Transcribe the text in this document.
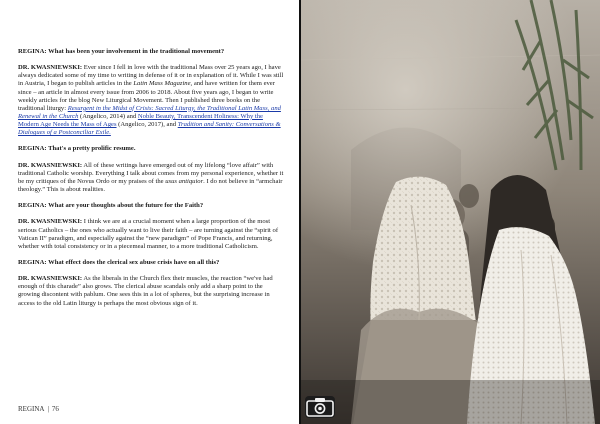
REGINA: What has been your involvement in the traditional movement?

DR. KWASNIEWSKI: Ever since I fell in love with the traditional Mass over 25 years ago, I have always dedicated some of my time to writing in defense of it or in explanation of it. While I was still in Austria, I began to publish articles in the Latin Mass Magazine, and have written for them ever since – an article in almost every issue from 2006 to 2018. About five years ago, I began to write weekly articles for the blog New Liturgical Movement. Then I published three books on the traditional liturgy: Resurgent in the Midst of Crisis: Sacred Liturgy, the Traditional Latin Mass, and Renewal in the Church (Angelico, 2014) and Noble Beauty, Transcendent Holiness: Why the Modern Age Needs the Mass of Ages (Angelico, 2017), and Tradition and Sanity: Conversations & Dialogues of a Postconciliar Exile.

REGINA: That's a pretty prolific resume.

DR. KWASNIEWSKI: All of these writings have emerged out of my lifelong “love affair” with traditional Catholic worship. Everything I talk about comes from my personal experience, whether it be my critiques of the Novus Ordo or my praises of the usus antiquior. I do not believe in “armchair theology.” This is about realities.

REGINA: What are your thoughts about the future for the Faith?

DR. KWASNIEWSKI: I think we are at a crucial moment when a large proportion of the most serious Catholics – the ones who actually want to live their faith – are turning against the “spirit of Vatican II” paradigm, and especially against the “new paradigm” of Pope Francis, and returning, whether with total consistency or in a piecemeal manner, to a more traditional Catholicism.

REGINA: What effect does the clerical sex abuse crisis have on all this?

DR. KWASNIEWSKI: As the liberals in the Church flex their muscles, the reaction “we've had enough of this charade” also grows. The clerical abuse scandals only add a sharp point to the growing discontent with pablum. One sees this in a lot of spheres, but the surprising increase in access to the old Latin liturgy is perhaps the most obvious sign of it.

REGINA | 76
